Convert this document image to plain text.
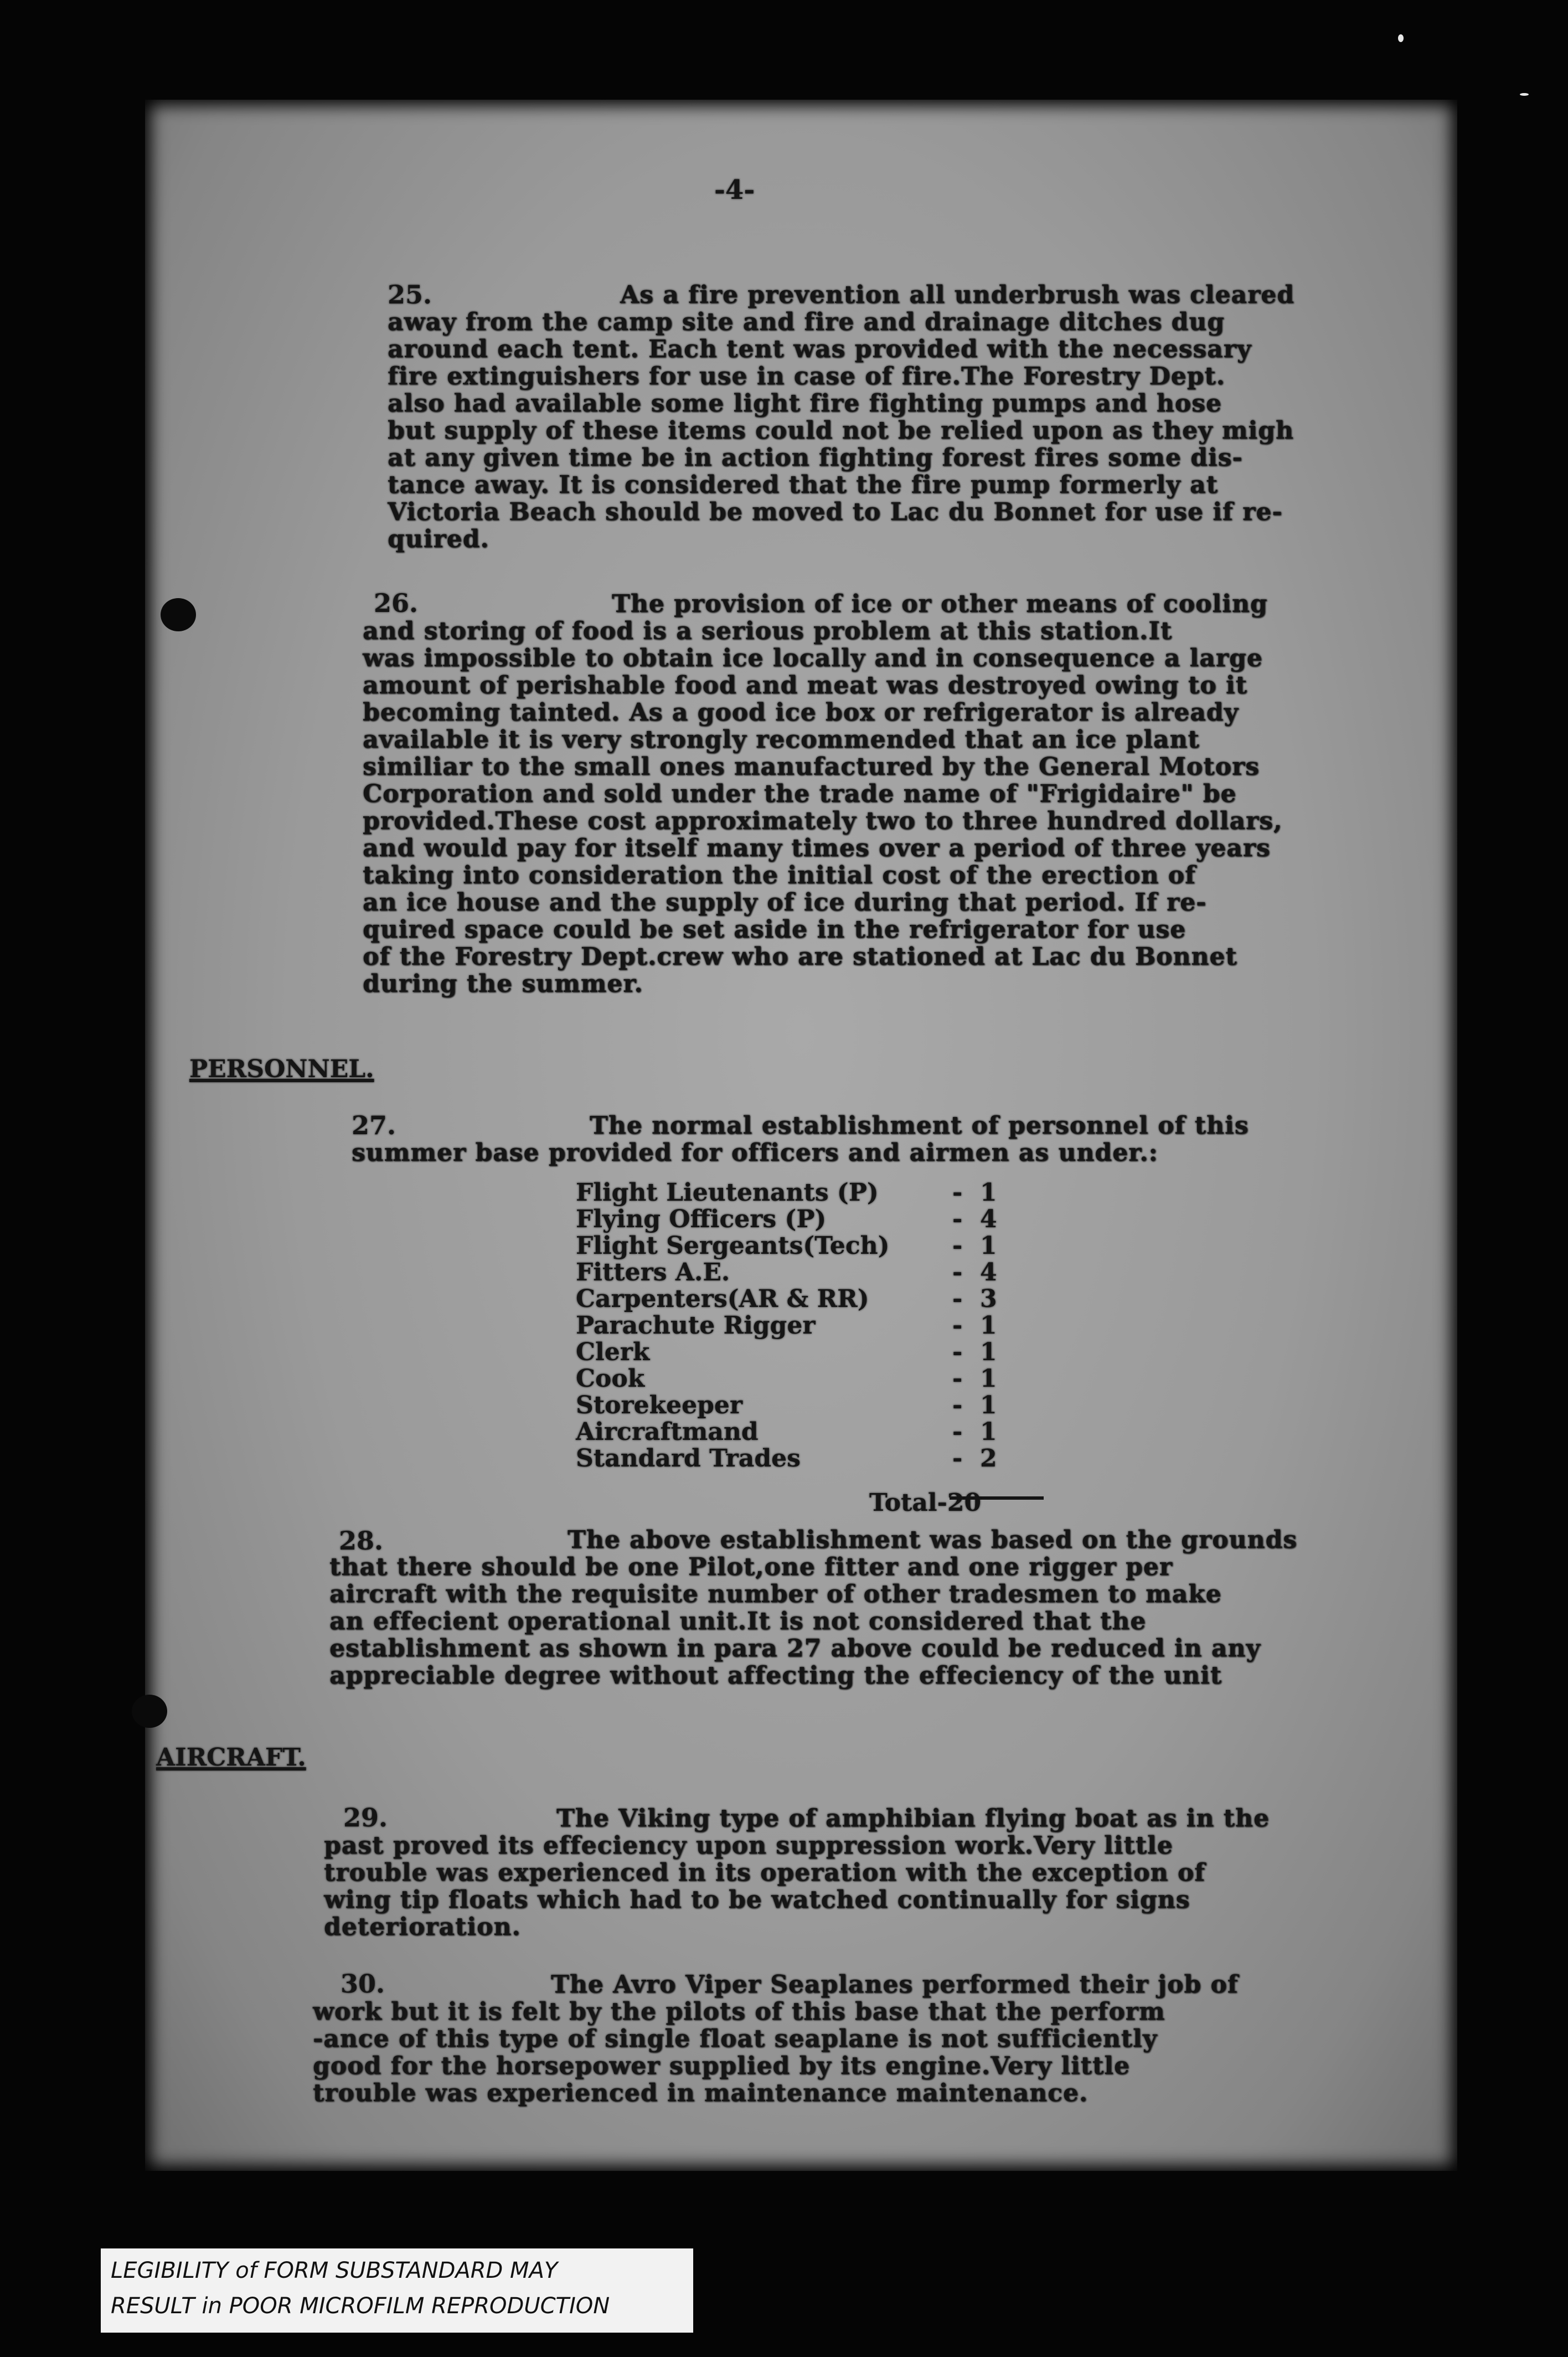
-4-
25.	As a fire prevention all underbrush was cleared
away from the camp site and fire and drainage ditches dug
around each tent. Each tent was provided with the necessary
fire extinguishers for use in case of fire.The Forestry Dept.
also had available some light fire fighting pumps and hose
but supply of these items could not be relied upon as they migh
at any given time be in action fighting forest fires some dis-
tance away. It is considered that the fire pump formerly at
Victoria Beach should be moved to Lac du Bonnet for use if re-
quired.
26.	The provision of ice or other means of cooling
and storing of food is a serious problem at this station.It
was impossible to obtain ice locally and in consequence a large
amount of perishable food and meat was destroyed owing to it
becoming tainted. As a good ice box or refrigerator is already
available it is very strongly recommended that an ice plant
similiar to the small ones manufactured by the General Motors
Corporation and sold under the trade name of "Frigidaire" be
provided.These cost approximately two to three hundred dollars,
and would pay for itself many times over a period of three years
taking into consideration the initial cost of the erection of
an ice house and the supply of ice during that period. If re-
quired space could be set aside in the refrigerator for use
of the Forestry Dept.crew who are stationed at Lac du Bonnet
during the summer.
PERSONNEL.
27.	The normal establishment of personnel of this
summer base provided for officers and airmen as under.:
Flight Lieutenants (P)	- 1
Flying Officers (P)	- 4
Flight Sergeants(Tech)	- 1
Fitters A.E.	- 4
Carpenters(AR & RR)	- 3
Parachute Rigger	- 1
Clerk	- 1
Cook	- 1
Storekeeper	- 1
Aircraftmand	- 1
Standard Trades	- 2
Total-20
28.	The above establishment was based on the grounds
that there should be one Pilot,one fitter and one rigger per
aircraft with the requisite number of other tradesmen to make
an effecient operational unit.It is not considered that the
establishment as shown in para 27 above could be reduced in any
appreciable degree without affecting the effeciency of the unit
AIRCRAFT.
29.	The Viking type of amphibian flying boat as in the
past proved its effeciency upon suppression work.Very little
trouble was experienced in its operation with the exception of
wing tip floats which had to be watched continually for signs
deterioration.
30.	The Avro Viper Seaplanes performed their job of
work but it is felt by the pilots of this base that the perform
-ance of this type of single float seaplane is not sufficiently
good for the horsepower supplied by its engine.Very little
trouble was experienced in maintenance maintenance.
LEGIBILITY of FORM SUBSTANDARD MAY
RESULT in POOR MICROFILM REPRODUCTION
